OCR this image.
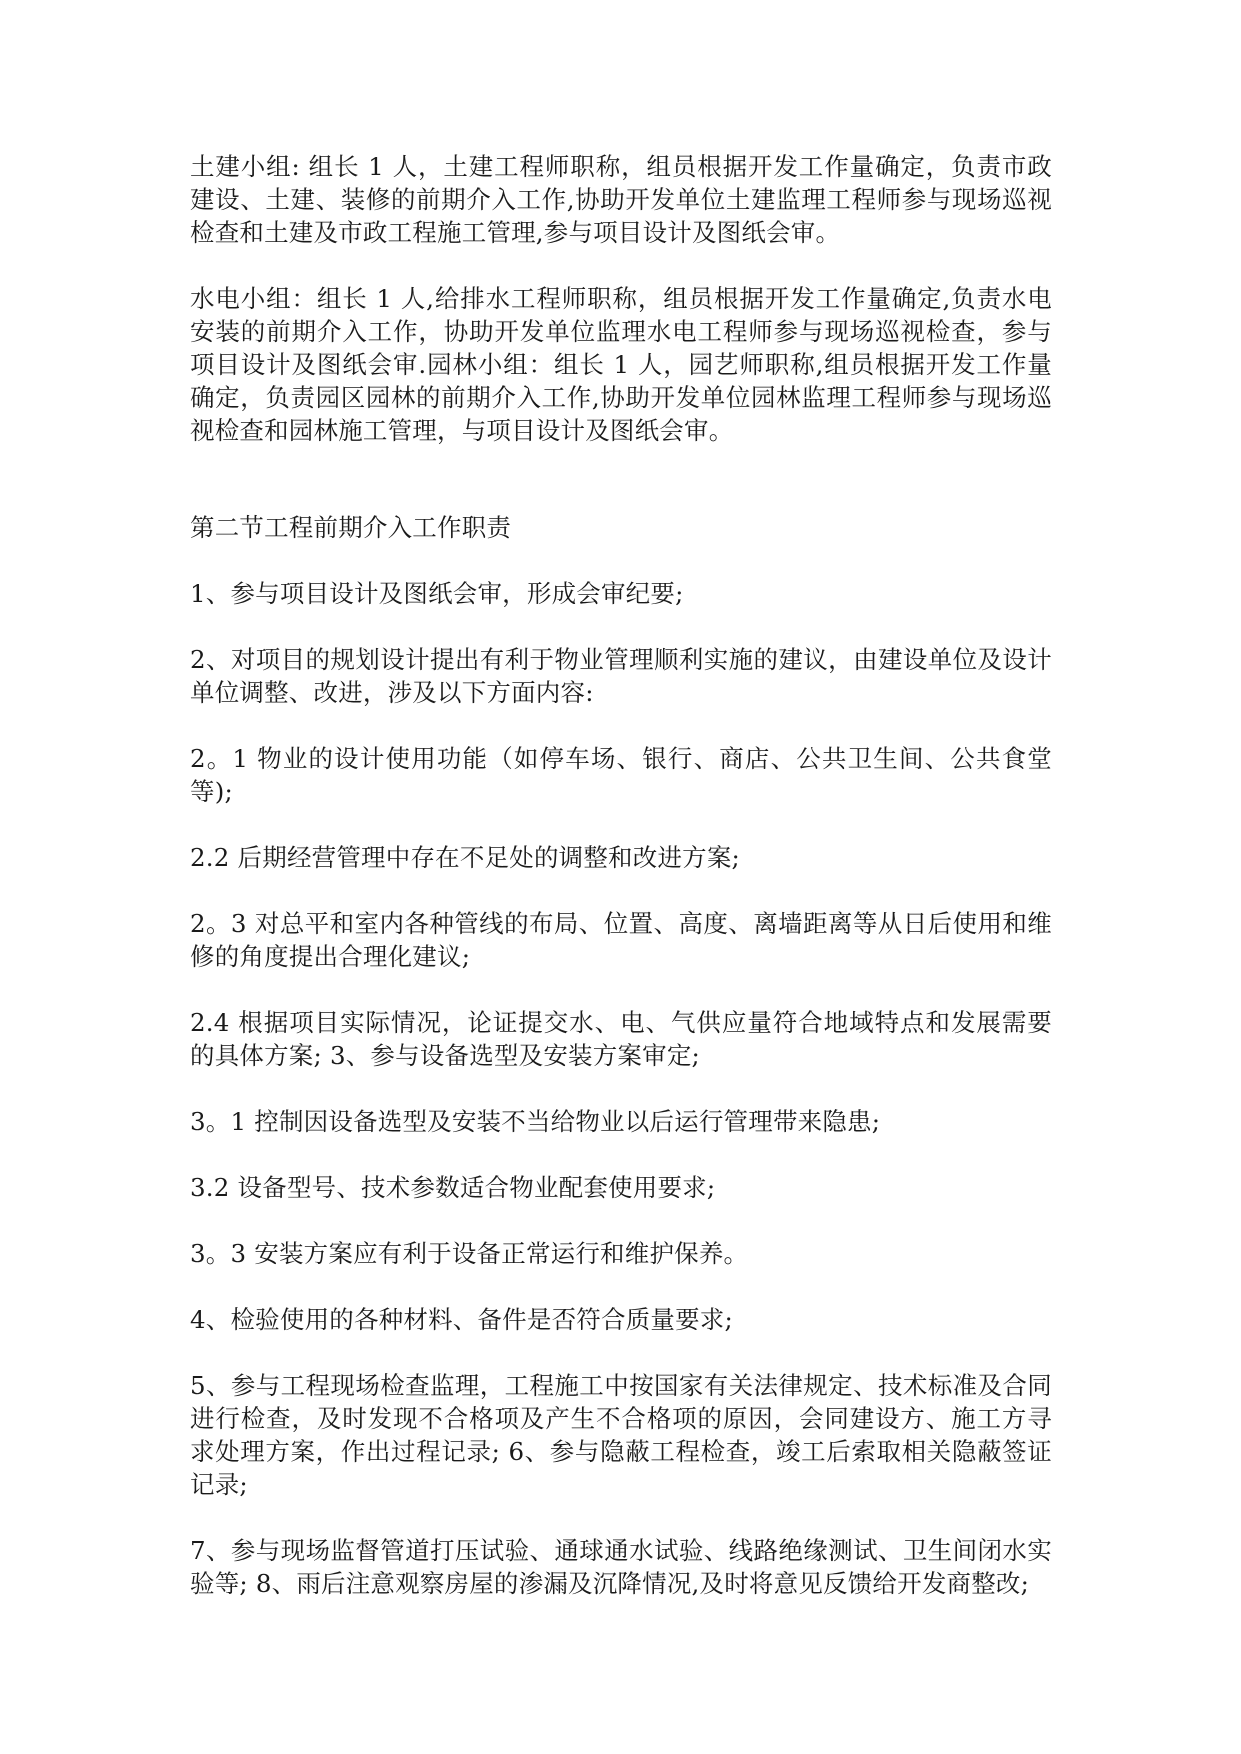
土建小组: 组长 1 人，土建工程师职称，组员根据开发工作量确定，负责市政建设、土建、装修的前期介入工作,协助开发单位土建监理工程师参与现场巡视检查和土建及市政工程施工管理,参与项目设计及图纸会审。

水电小组：组长 1 人,给排水工程师职称，组员根据开发工作量确定,负责水电安装的前期介入工作，协助开发单位监理水电工程师参与现场巡视检查，参与项目设计及图纸会审.园林小组：组长 1 人，园艺师职称,组员根据开发工作量确定，负责园区园林的前期介入工作,协助开发单位园林监理工程师参与现场巡视检查和园林施工管理，与项目设计及图纸会审。

第二节工程前期介入工作职责

1、参与项目设计及图纸会审，形成会审纪要;

2、对项目的规划设计提出有利于物业管理顺利实施的建议，由建设单位及设计单位调整、改进，涉及以下方面内容:

2。1 物业的设计使用功能（如停车场、银行、商店、公共卫生间、公共食堂等);

2.2 后期经营管理中存在不足处的调整和改进方案;

2。3 对总平和室内各种管线的布局、位置、高度、离墙距离等从日后使用和维修的角度提出合理化建议;

2.4 根据项目实际情况，论证提交水、电、气供应量符合地域特点和发展需要的具体方案; 3、参与设备选型及安装方案审定;

3。1 控制因设备选型及安装不当给物业以后运行管理带来隐患;

3.2 设备型号、技术参数适合物业配套使用要求;

3。3 安装方案应有利于设备正常运行和维护保养。

4、检验使用的各种材料、备件是否符合质量要求;

5、参与工程现场检查监理，工程施工中按国家有关法律规定、技术标准及合同进行检查，及时发现不合格项及产生不合格项的原因，会同建设方、施工方寻求处理方案，作出过程记录; 6、参与隐蔽工程检查，竣工后索取相关隐蔽签证记录;

7、参与现场监督管道打压试验、通球通水试验、线路绝缘测试、卫生间闭水实验等; 8、雨后注意观察房屋的渗漏及沉降情况,及时将意见反馈给开发商整改;
